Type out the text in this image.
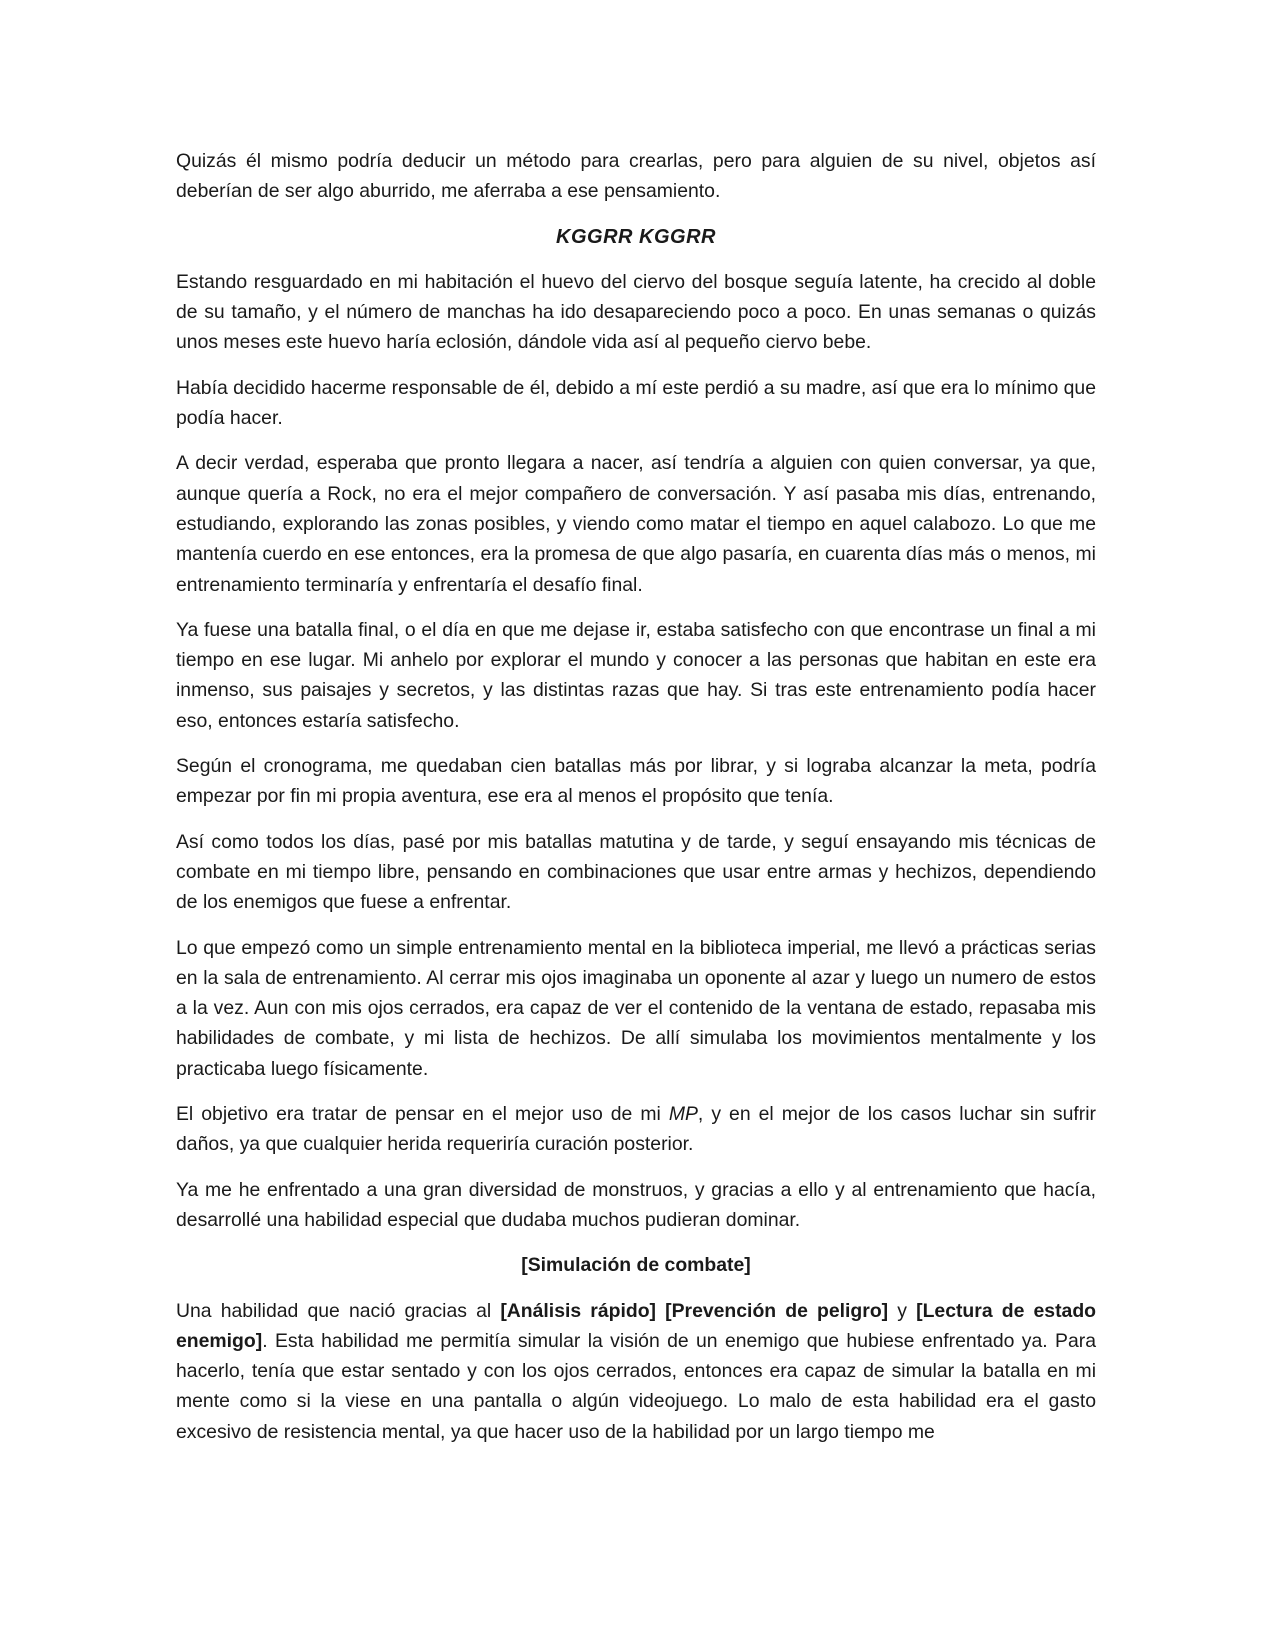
Quizás él mismo podría deducir un método para crearlas, pero para alguien de su nivel, objetos así deberían de ser algo aburrido, me aferraba a ese pensamiento.

KGGRR KGGRR

Estando resguardado en mi habitación el huevo del ciervo del bosque seguía latente, ha crecido al doble de su tamaño, y el número de manchas ha ido desapareciendo poco a poco. En unas semanas o quizás unos meses este huevo haría eclosión, dándole vida así al pequeño ciervo bebe.

Había decidido hacerme responsable de él, debido a mí este perdió a su madre, así que era lo mínimo que podía hacer.

A decir verdad, esperaba que pronto llegara a nacer, así tendría a alguien con quien conversar, ya que, aunque quería a Rock, no era el mejor compañero de conversación. Y así pasaba mis días, entrenando, estudiando, explorando las zonas posibles, y viendo como matar el tiempo en aquel calabozo. Lo que me mantenía cuerdo en ese entonces, era la promesa de que algo pasaría, en cuarenta días más o menos, mi entrenamiento terminaría y enfrentaría el desafío final.

Ya fuese una batalla final, o el día en que me dejase ir, estaba satisfecho con que encontrase un final a mi tiempo en ese lugar. Mi anhelo por explorar el mundo y conocer a las personas que habitan en este era inmenso, sus paisajes y secretos, y las distintas razas que hay. Si tras este entrenamiento podía hacer eso, entonces estaría satisfecho.

Según el cronograma, me quedaban cien batallas más por librar, y si lograba alcanzar la meta, podría empezar por fin mi propia aventura, ese era al menos el propósito que tenía.

Así como todos los días, pasé por mis batallas matutina y de tarde, y seguí ensayando mis técnicas de combate en mi tiempo libre, pensando en combinaciones que usar entre armas y hechizos, dependiendo de los enemigos que fuese a enfrentar.

Lo que empezó como un simple entrenamiento mental en la biblioteca imperial, me llevó a prácticas serias en la sala de entrenamiento. Al cerrar mis ojos imaginaba un oponente al azar y luego un numero de estos a la vez. Aun con mis ojos cerrados, era capaz de ver el contenido de la ventana de estado, repasaba mis habilidades de combate, y mi lista de hechizos. De allí simulaba los movimientos mentalmente y los practicaba luego físicamente.

El objetivo era tratar de pensar en el mejor uso de mi MP, y en el mejor de los casos luchar sin sufrir daños, ya que cualquier herida requeriría curación posterior.

Ya me he enfrentado a una gran diversidad de monstruos, y gracias a ello y al entrenamiento que hacía, desarrollé una habilidad especial que dudaba muchos pudieran dominar.

[Simulación de combate]

Una habilidad que nació gracias al [Análisis rápido] [Prevención de peligro] y [Lectura de estado enemigo]. Esta habilidad me permitía simular la visión de un enemigo que hubiese enfrentado ya. Para hacerlo, tenía que estar sentado y con los ojos cerrados, entonces era capaz de simular la batalla en mi mente como si la viese en una pantalla o algún videojuego. Lo malo de esta habilidad era el gasto excesivo de resistencia mental, ya que hacer uso de la habilidad por un largo tiempo me
